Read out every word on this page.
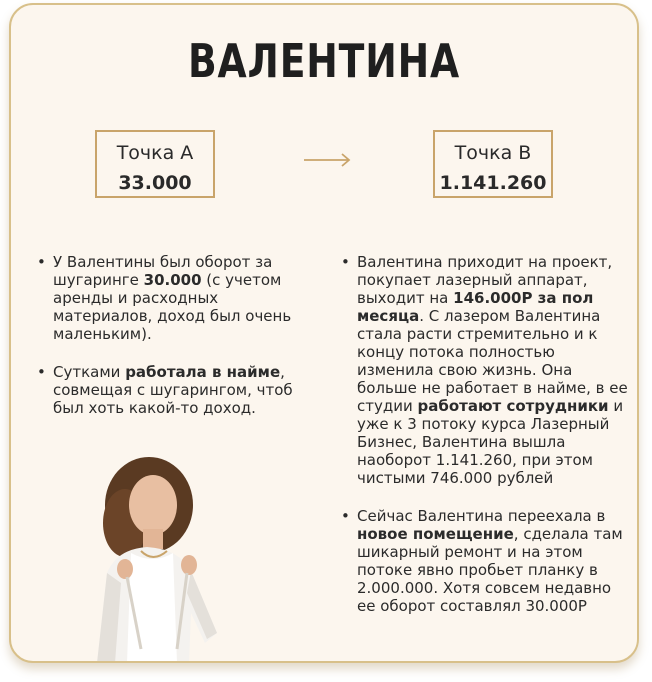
ВАЛЕНТИНА
Точка А
33.000
Точка В
1.141.260
• У Валентины был оборот за шугаринге 30.000 (с учетом аренды и расходных материалов, доход был очень маленьким).
• Сутками работала в найме, совмещая с шугарингом, чтоб был хоть какой-то доход.
• Валентина приходит на проект, покупает лазерный аппарат, выходит на 146.000Р за пол месяца. С лазером Валентина стала расти стремительно и к концу потока полностью изменила свою жизнь. Она больше не работает в найме, в ее студии работают сотрудники и уже к 3 потоку курса Лазерный Бизнес, Валентина вышла наоборот 1.141.260, при этом чистыми 746.000 рублей
• Сейчас Валентина переехала в новое помещение, сделала там шикарный ремонт и на этом потоке явно пробьет планку в 2.000.000. Хотя совсем недавно ее оборот составлял 30.000Р
